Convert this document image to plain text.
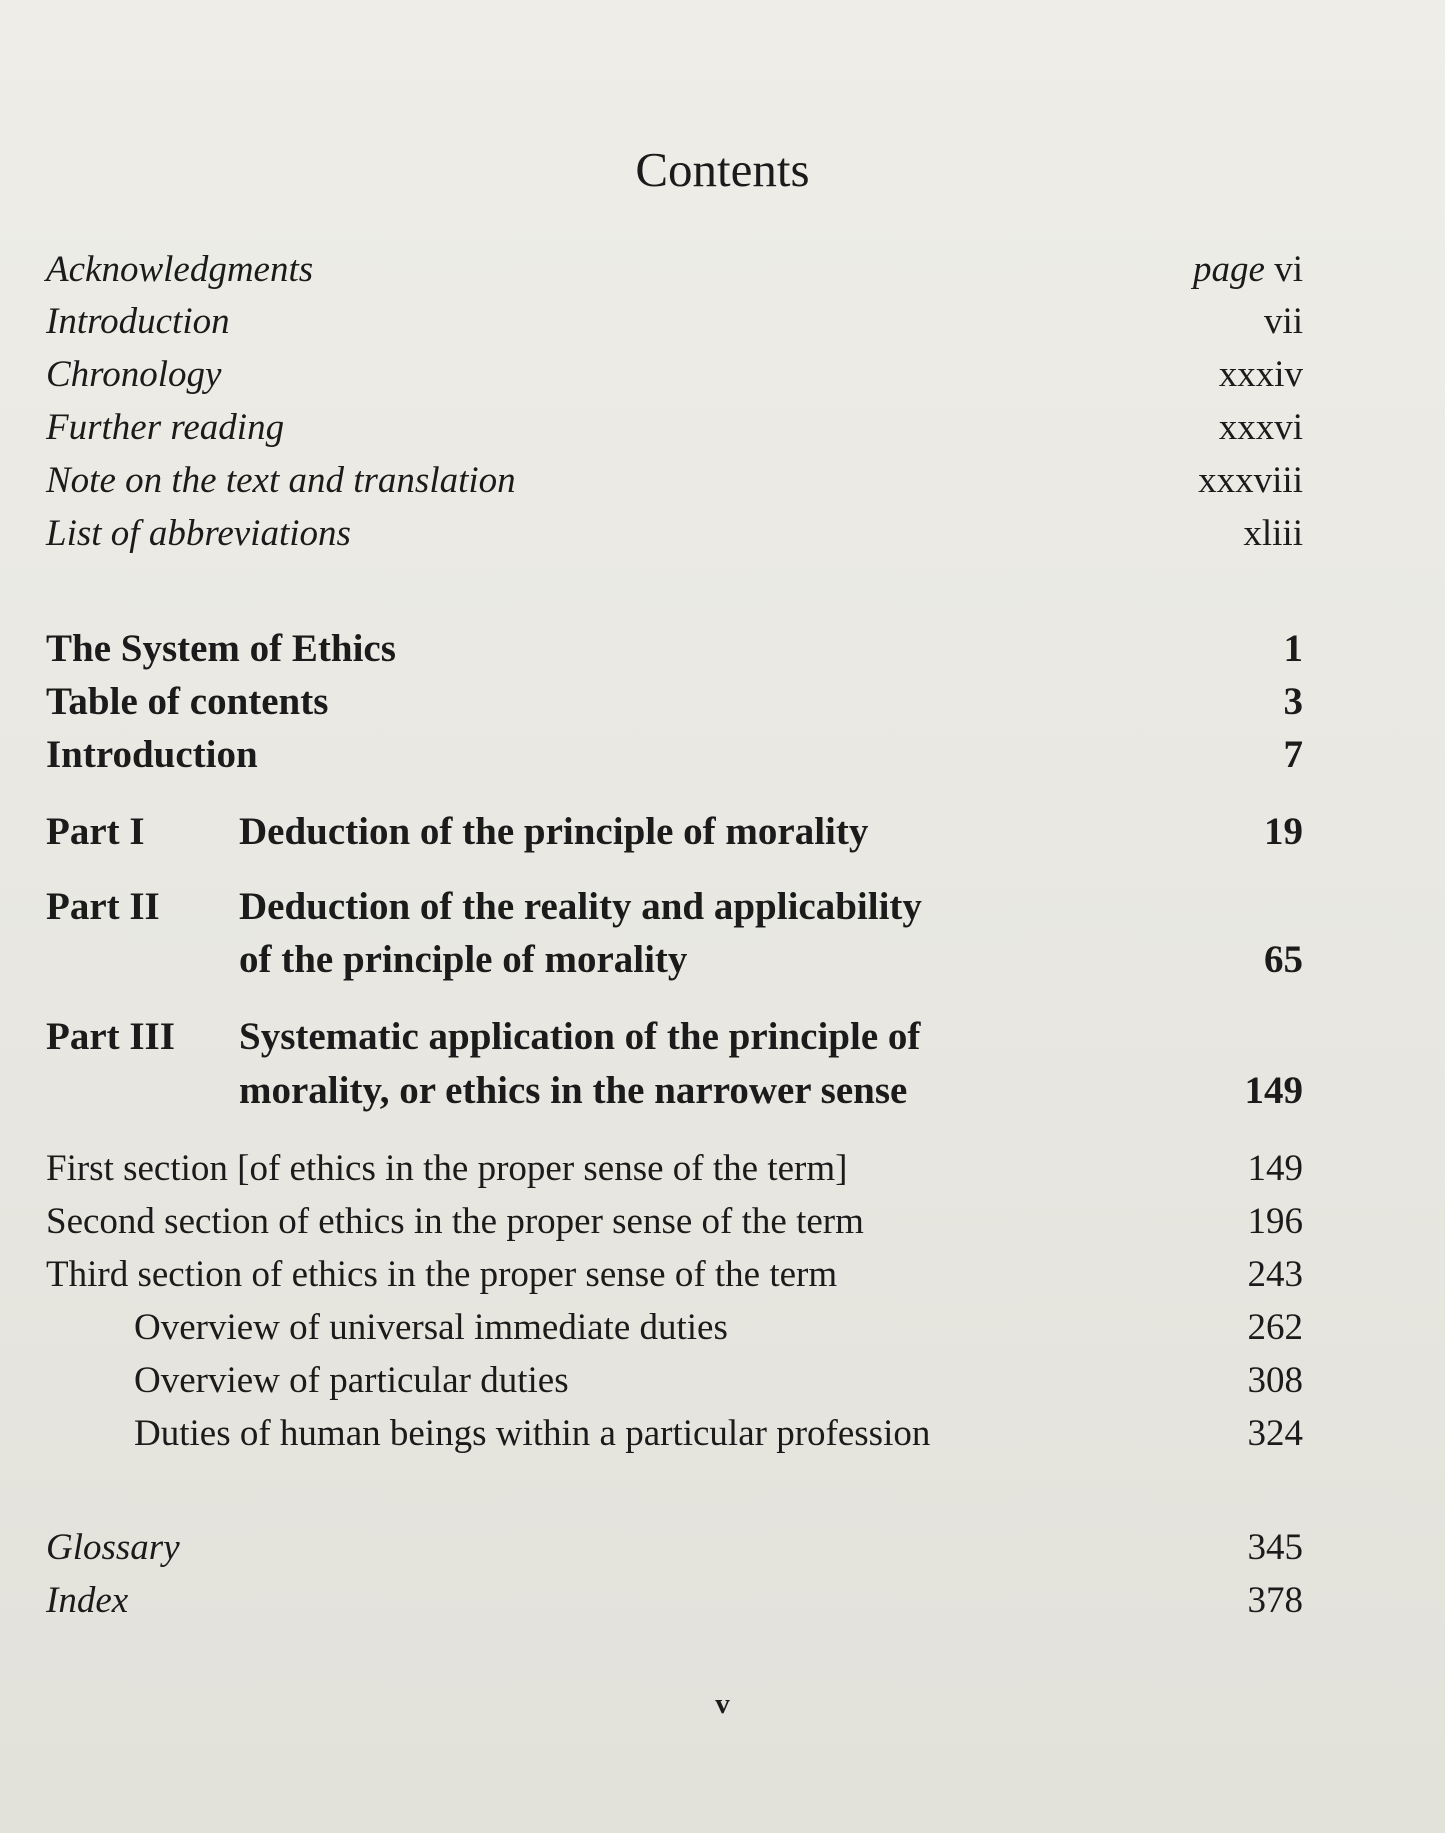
Contents
Acknowledgments	page vi
Introduction	vii
Chronology	xxxiv
Further reading	xxxvi
Note on the text and translation	xxxviii
List of abbreviations	xliii
The System of Ethics	1
Table of contents	3
Introduction	7
Part I Deduction of the principle of morality	19
Part II Deduction of the reality and applicability
of the principle of morality	65
Part III Systematic application of the principle of
morality, or ethics in the narrower sense	149
First section [of ethics in the proper sense of the term]	149
Second section of ethics in the proper sense of the term	196
Third section of ethics in the proper sense of the term	243
Overview of universal immediate duties	262
Overview of particular duties	308
Duties of human beings within a particular profession	324
Glossary	345
Index	378
v
